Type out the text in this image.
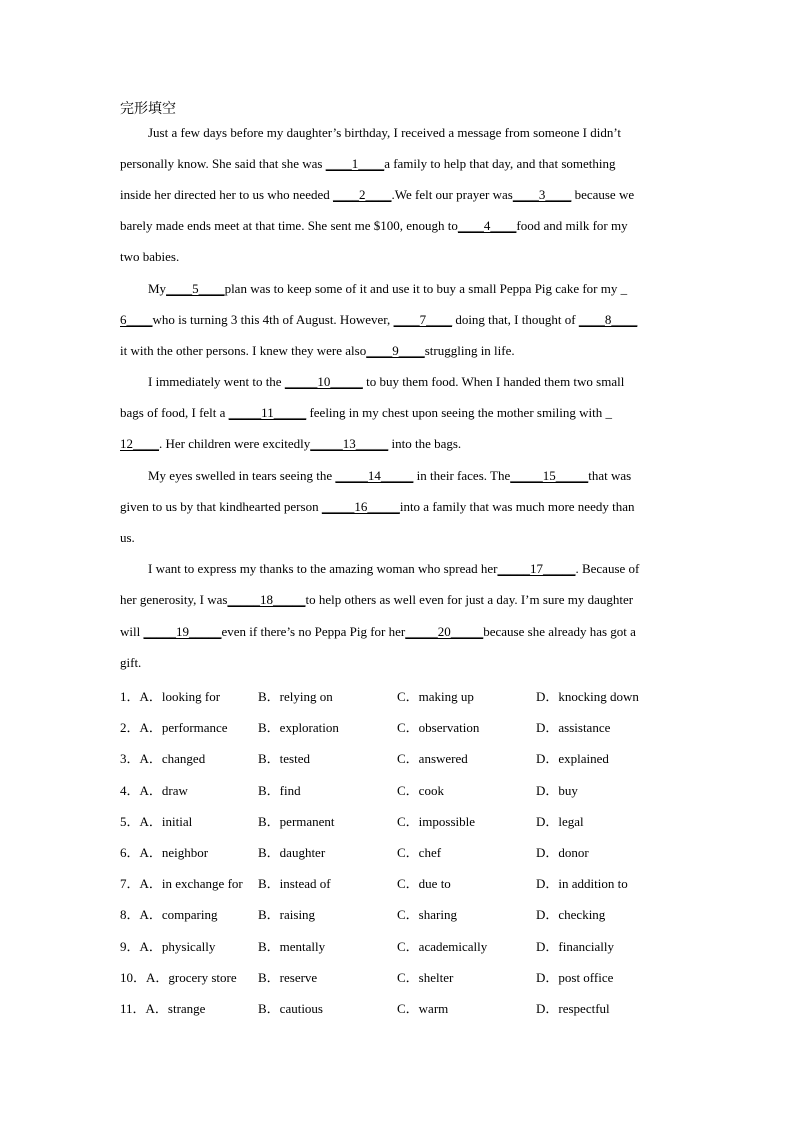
完形填空
Just a few days before my daughter’s birthday, I received a message from someone I didn’t
personally know. She said that she was ____1____a family to help that day, and that something
inside her directed her to us who needed ____2____.We felt our prayer was____3____ because we
barely made ends meet at that time. She sent me $100, enough to____4____food and milk for my
two babies.
My____5____plan was to keep some of it and use it to buy a small Peppa Pig cake for my _
6____who is turning 3 this 4th of August. However, ____7____ doing that, I thought of ____8____
it with the other persons. I knew they were also____9____struggling in life.
I immediately went to the _____10_____ to buy them food. When I handed them two small
bags of food, I felt a _____11_____ feeling in my chest upon seeing the mother smiling with _
12____. Her children were excitedly_____13_____ into the bags.
My eyes swelled in tears seeing the _____14_____ in their faces. The_____15_____that was
given to us by that kindhearted person _____16_____into a family that was much more needy than
us.
I want to express my thanks to the amazing woman who spread her_____17_____. Because of
her generosity, I was_____18_____to help others as well even for just a day. I’m sure my daughter
will _____19_____even if there’s no Peppa Pig for her_____20_____because she already has got a
gift.
1．A．looking for	B．relying on	C．making up	D．knocking down
2．A．performance B．exploration	C．observation	D．assistance
3．A．changed	B．tested	C．answered	D．explained
4．A．draw	B．find	C．cook	D．buy
5．A．initial	B．permanent	C．impossible	D．legal
6．A．neighbor	B．daughter	C．chef	D．donor
7．A．in exchange for B．instead of	C．due to	D．in addition to
8．A．comparing	B．raising	C．sharing	D．checking
9．A．physically	B．mentally	C．academically	D．financially
10．A．grocery store B．reserve	C．shelter	D．post office
11．A．strange	B．cautious	C．warm	D．respectful
